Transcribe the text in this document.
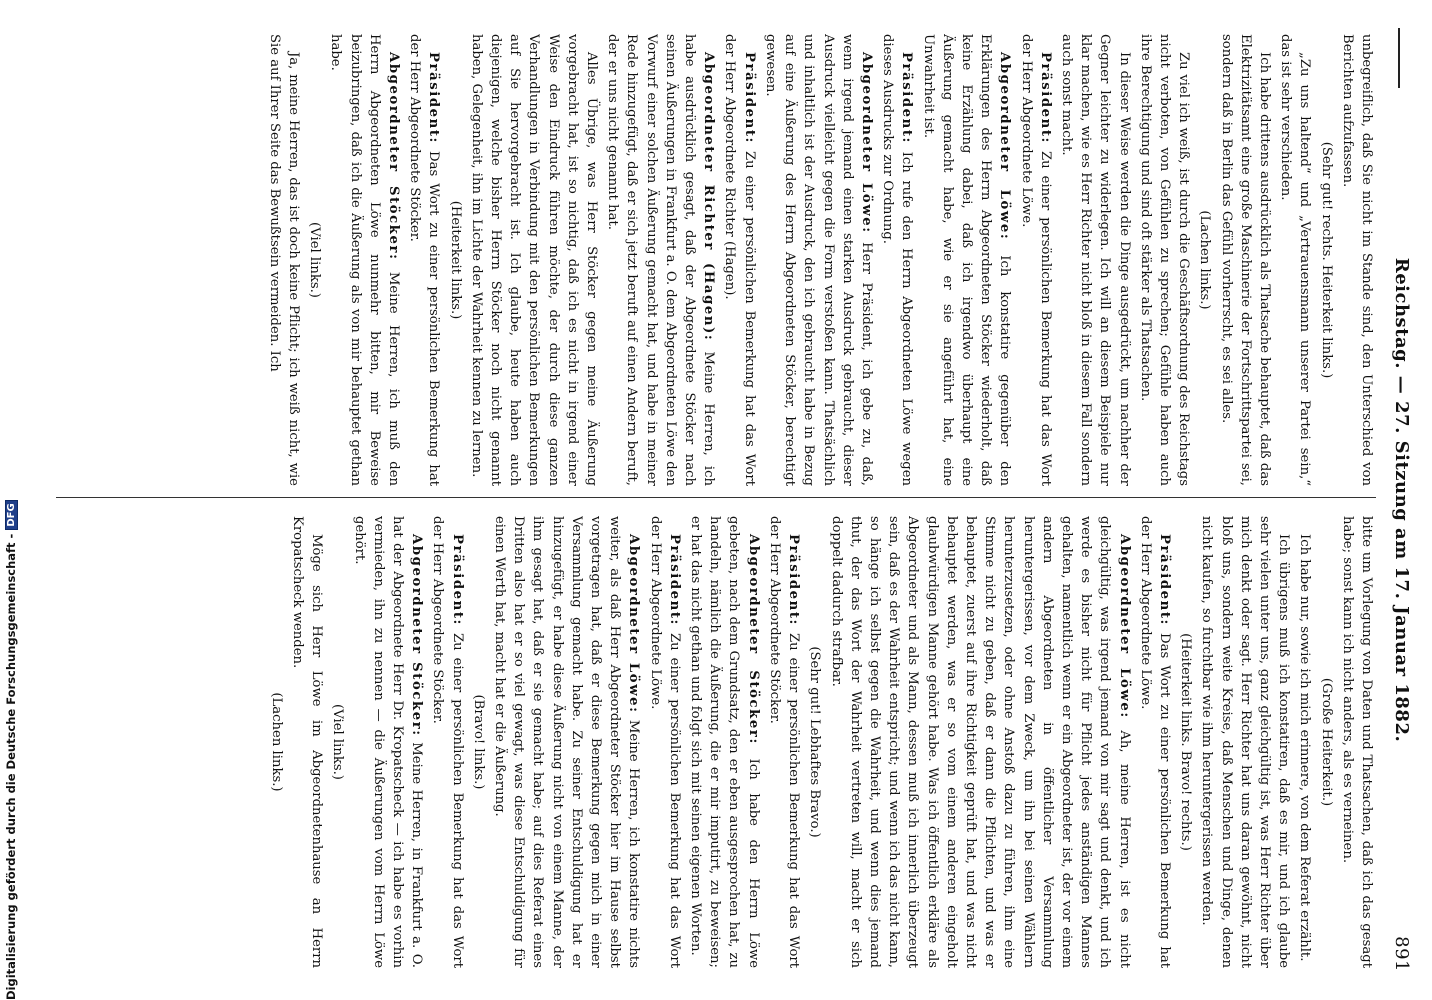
Reichstag. — 27. Sitzung am 17. Januar 1882.
891

unbegreiflich, daß Sie nicht im Stande sind, den Unterschied von Berichten aufzufassen.

(Sehr gut! rechts. Heiterkeit links.)

„Zu uns haltend“ und „Vertrauensmann unserer Partei sein,“ das ist sehr verschieden.

Ich habe drittens ausdrücklich als Thatsache behauptet, daß das Elektrizitätsamt eine große Maschinerie der Fortschrittspartei sei, sondern daß in Berlin das Gefühl vorherrscht, es sei alles.

(Lachen links.)

Zu viel ich weiß, ist durch die Geschäftsordnung des Reichstags nicht verboten, von Gefühlen zu sprechen; Gefühle haben auch ihre Berechtigung und sind oft stärker als Thatsachen.

In dieser Weise werden die Dinge ausgedrückt, um nachher der Gegner leichter zu widerlegen. Ich will an diesem Beispiele nur klar machen, wie es Herr Richter nicht bloß in diesem Fall sondern auch sonst macht.

Präsident: Zu einer persönlichen Bemerkung hat das Wort der Herr Abgeordnete Löwe.

Abgeordneter Löwe: Ich konstatire gegenüber den Erklärungen des Herrn Abgeordneten Stöcker wiederholt, daß keine Erzählung dabei, daß ich irgendwo überhaupt eine Äußerung gemacht habe, wie er sie angeführt hat, eine Unwahrheit ist.

Präsident: Ich rufe den Herrn Abgeordneten Löwe wegen dieses Ausdrucks zur Ordnung.

Abgeordneter Löwe: Herr Präsident, ich gebe zu, daß, wenn irgend jemand einen starken Ausdruck gebraucht, dieser Ausdruck vielleicht gegen die Form verstoßen kann. Thatsächlich und inhaltlich ist der Ausdruck, den ich gebraucht habe in Bezug auf eine Äußerung des Herrn Abgeordneten Stöcker, berechtigt gewesen.

Präsident: Zu einer persönlichen Bemerkung hat das Wort der Herr Abgeordnete Richter (Hagen).

Abgeordneter Richter (Hagen): Meine Herren, ich habe ausdrücklich gesagt, daß der Abgeordnete Stöcker nach seinen Äußerungen in Frankfurt a. O. dem Abgeordneten Löwe den Vorwurf einer solchen Äußerung gemacht hat, und habe in meiner Rede hinzugefügt, daß er sich jetzt beruft auf einen Andern beruft, der er uns nicht genannt hat.

Alles Übrige, was Herr Stöcker gegen meine Äußerung vorgebracht hat, ist so nichtig, daß ich es nicht in irgend einer Weise den Eindruck führen möchte, der durch diese ganzen Verhandlungen in Verbindung mit den persönlichen Bemerkungen auf Sie hervorgebracht ist. Ich glaube, heute haben auch diejenigen, welche bisher Herrn Stöcker noch nicht genannt haben, Gelegenheit, ihn im Lichte der Wahrheit kennen zu lernen.

(Heiterkeit links.)

Präsident: Das Wort zu einer persönlichen Bemerkung hat der Herr Abgeordnete Stöcker.

Abgeordneter Stöcker: Meine Herren, ich muß den Herrn Abgeordneten Löwe nunmehr bitten, mir Beweise beizubringen, daß ich die Äußerung als von mir behauptet gethan habe.

(Viel links.)

Ja, meine Herren, das ist doch keine Pflicht; ich weiß nicht, wie Sie auf Ihrer Seite das Bewußtsein vermeiden. Ich

bitte um Vorlegung von Daten und Thatsachen, daß ich das gesagt habe; sonst kann ich nicht anders, als es verneinen.

(Große Heiterkeit.)

Ich habe nur, sowie ich mich erinnere, von dem Referat erzählt.

Ich übrigens muß ich konstatiren, daß es mir, und ich glaube sehr vielen unter uns, ganz gleichgültig ist, was Herr Richter über mich denkt oder sagt. Herr Richter hat uns daran gewöhnt, nicht bloß uns, sondern weite Kreise, daß Menschen und Dinge, denen nicht kaufen, so furchtbar wie ihm heruntergerissen werden.

(Heiterkeit links. Bravo! rechts.)

Präsident: Das Wort zu einer persönlichen Bemerkung hat der Herr Abgeordnete Löwe.

Abgeordneter Löwe: Ah, meine Herren, ist es nicht gleichgültig, was irgend jemand von mir sagt und denkt, und ich werde es bisher nicht für Pflicht jedes anständigen Mannes gehalten, namentlich wenn er ein Abgeordneter ist, der vor einem andern Abgeordneten in öffentlicher Versammlung heruntergerissen, vor dem Zweck, um ihn bei seinen Wählern herunterzusetzen, oder ohne Anstoß dazu zu führen, ihm eine Stimme nicht zu geben, daß er dann die Pflichten, und was er behauptet, zuerst auf ihre Richtigkeit geprüft hat, und was nicht behauptet werden, was er so vom einem anderen eingeholt glaubwürdigen Manne gehört habe. Was ich öffentlich erkläre als Abgeordneter und als Mann, dessen muß ich innerlich überzeugt sein, daß es der Wahrheit entspricht; und wenn ich das nicht kann, so hänge ich selbst gegen die Wahrheit, und wenn dies jemand thut, der das Wort der Wahrheit vertreten will, macht er sich doppelt dadurch strafbar.

(Sehr gut! Lebhaftes Bravo.)

Präsident: Zu einer persönlichen Bemerkung hat das Wort der Herr Abgeordnete Stöcker.

Abgeordneter Stöcker: Ich habe den Herrn Löwe gebeten, nach dem Grundsatz, den er eben ausgesprochen hat, zu handeln, nämlich die Äußerung, die er mir imputirt, zu beweisen; er hat das nicht gethan und folgt sich mit seinen eigenen Worten.

Präsident: Zu einer persönlichen Bemerkung hat das Wort der Herr Abgeordnete Löwe.

Abgeordneter Löwe: Meine Herren, ich konstatire nichts weiter, als daß Herr Abgeordneter Stöcker hier im Hause selbst vorgetragen hat, daß er diese Bemerkung gegen mich in einer Versammlung gemacht habe. Zu seiner Entschuldigung hat er hinzugefügt, er habe diese Äußerung nicht von einem Manne, der ihm gesagt hat, daß er sie gemacht habe; auf dies Referat eines Dritten also hat er so viel gewagt, was diese Entschuldigung für einen Werth hat, macht hat er die Äußerung.

(Bravo! links.)

Präsident: Zu einer persönlichen Bemerkung hat das Wort der Herr Abgeordnete Stöcker.

Abgeordneter Stöcker: Meine Herren, in Frankfurt a. O. hat der Abgeordnete Herr Dr. Kropatscheck — ich habe es vorhin vermieden, ihn zu nennen — die Äußerungen vom Herrn Löwe gehört.

(Viel links.)

Möge sich Herr Löwe im Abgeordnetenhause an Herrn Kropatscheck wenden.

(Lachen links.)

Digitalisierung gefördert durch die Deutsche Forschungsgemeinschaft -
DFG
